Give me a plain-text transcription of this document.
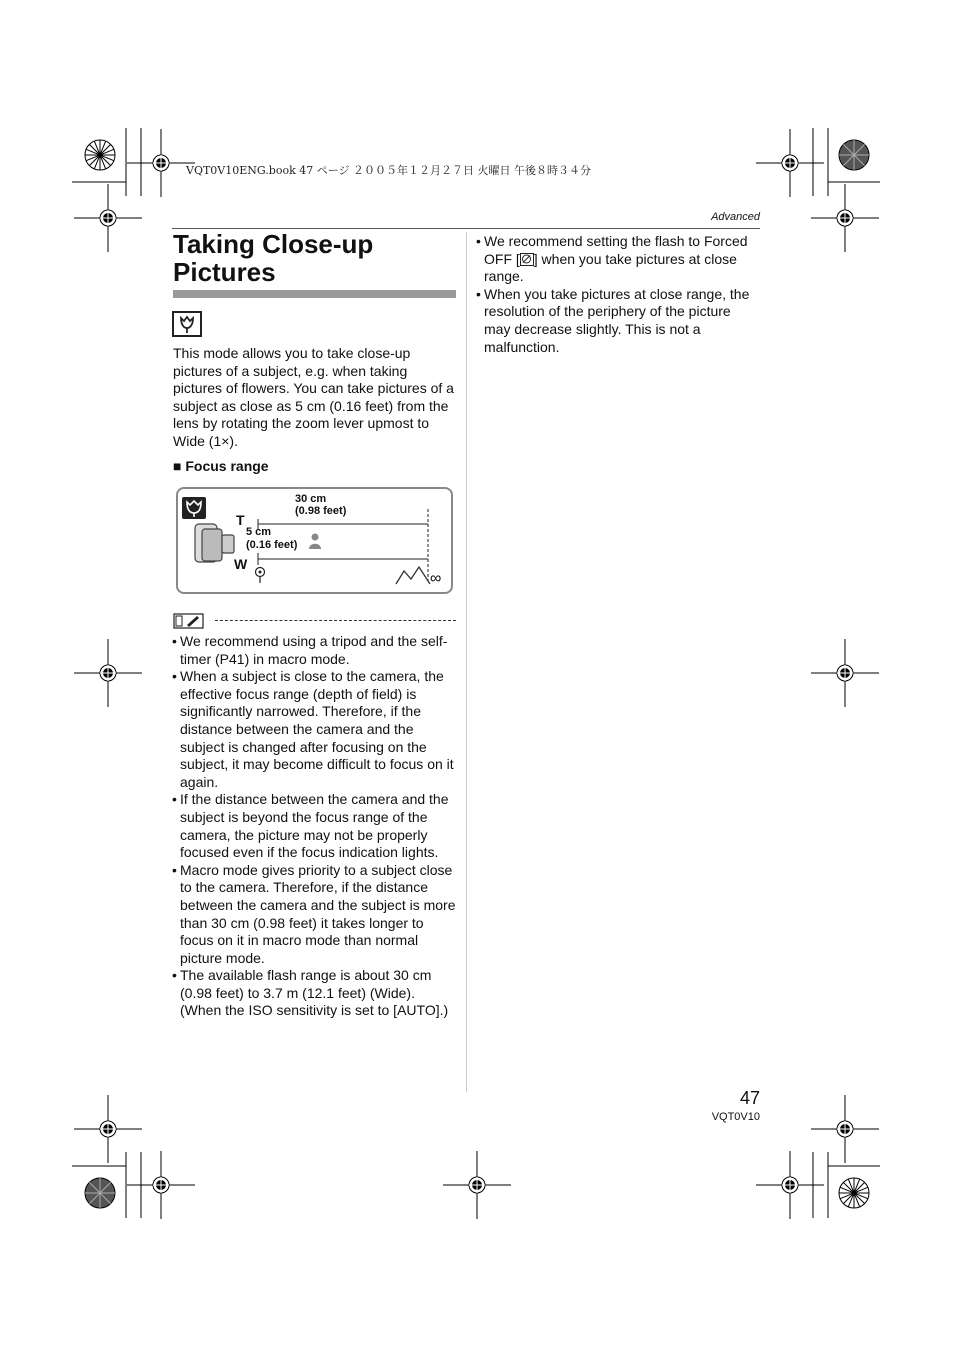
VQT0V10ENG.book 47 ページ ２００５年１２月２７日 火曜日 午後８時３４分
Advanced
Taking Close-up Pictures

This mode allows you to take close-up pictures of a subject, e.g. when taking pictures of flowers. You can take pictures of a subject as close as 5 cm (0.16 feet) from the lens by rotating the zoom lever upmost to Wide (1×).

■ Focus range
30 cm
(0.98 feet)
T
5 cm
(0.16 feet)
W
∞
• We recommend using a tripod and the self-timer (P41) in macro mode.
• When a subject is close to the camera, the effective focus range (depth of field) is significantly narrowed. Therefore, if the distance between the camera and the subject is changed after focusing on the subject, it may become difficult to focus on it again.
• If the distance between the camera and the subject is beyond the focus range of the camera, the picture may not be properly focused even if the focus indication lights.
• Macro mode gives priority to a subject close to the camera. Therefore, if the distance between the camera and the subject is more than 30 cm (0.98 feet) it takes longer to focus on it in macro mode than normal picture mode.
• The available flash range is about 30 cm (0.98 feet) to 3.7 m (12.1 feet) (Wide). (When the ISO sensitivity is set to [AUTO].)
• We recommend setting the flash to Forced OFF [ ] when you take pictures at close range.
• When you take pictures at close range, the resolution of the periphery of the picture may decrease slightly. This is not a malfunction.
47
VQT0V10
